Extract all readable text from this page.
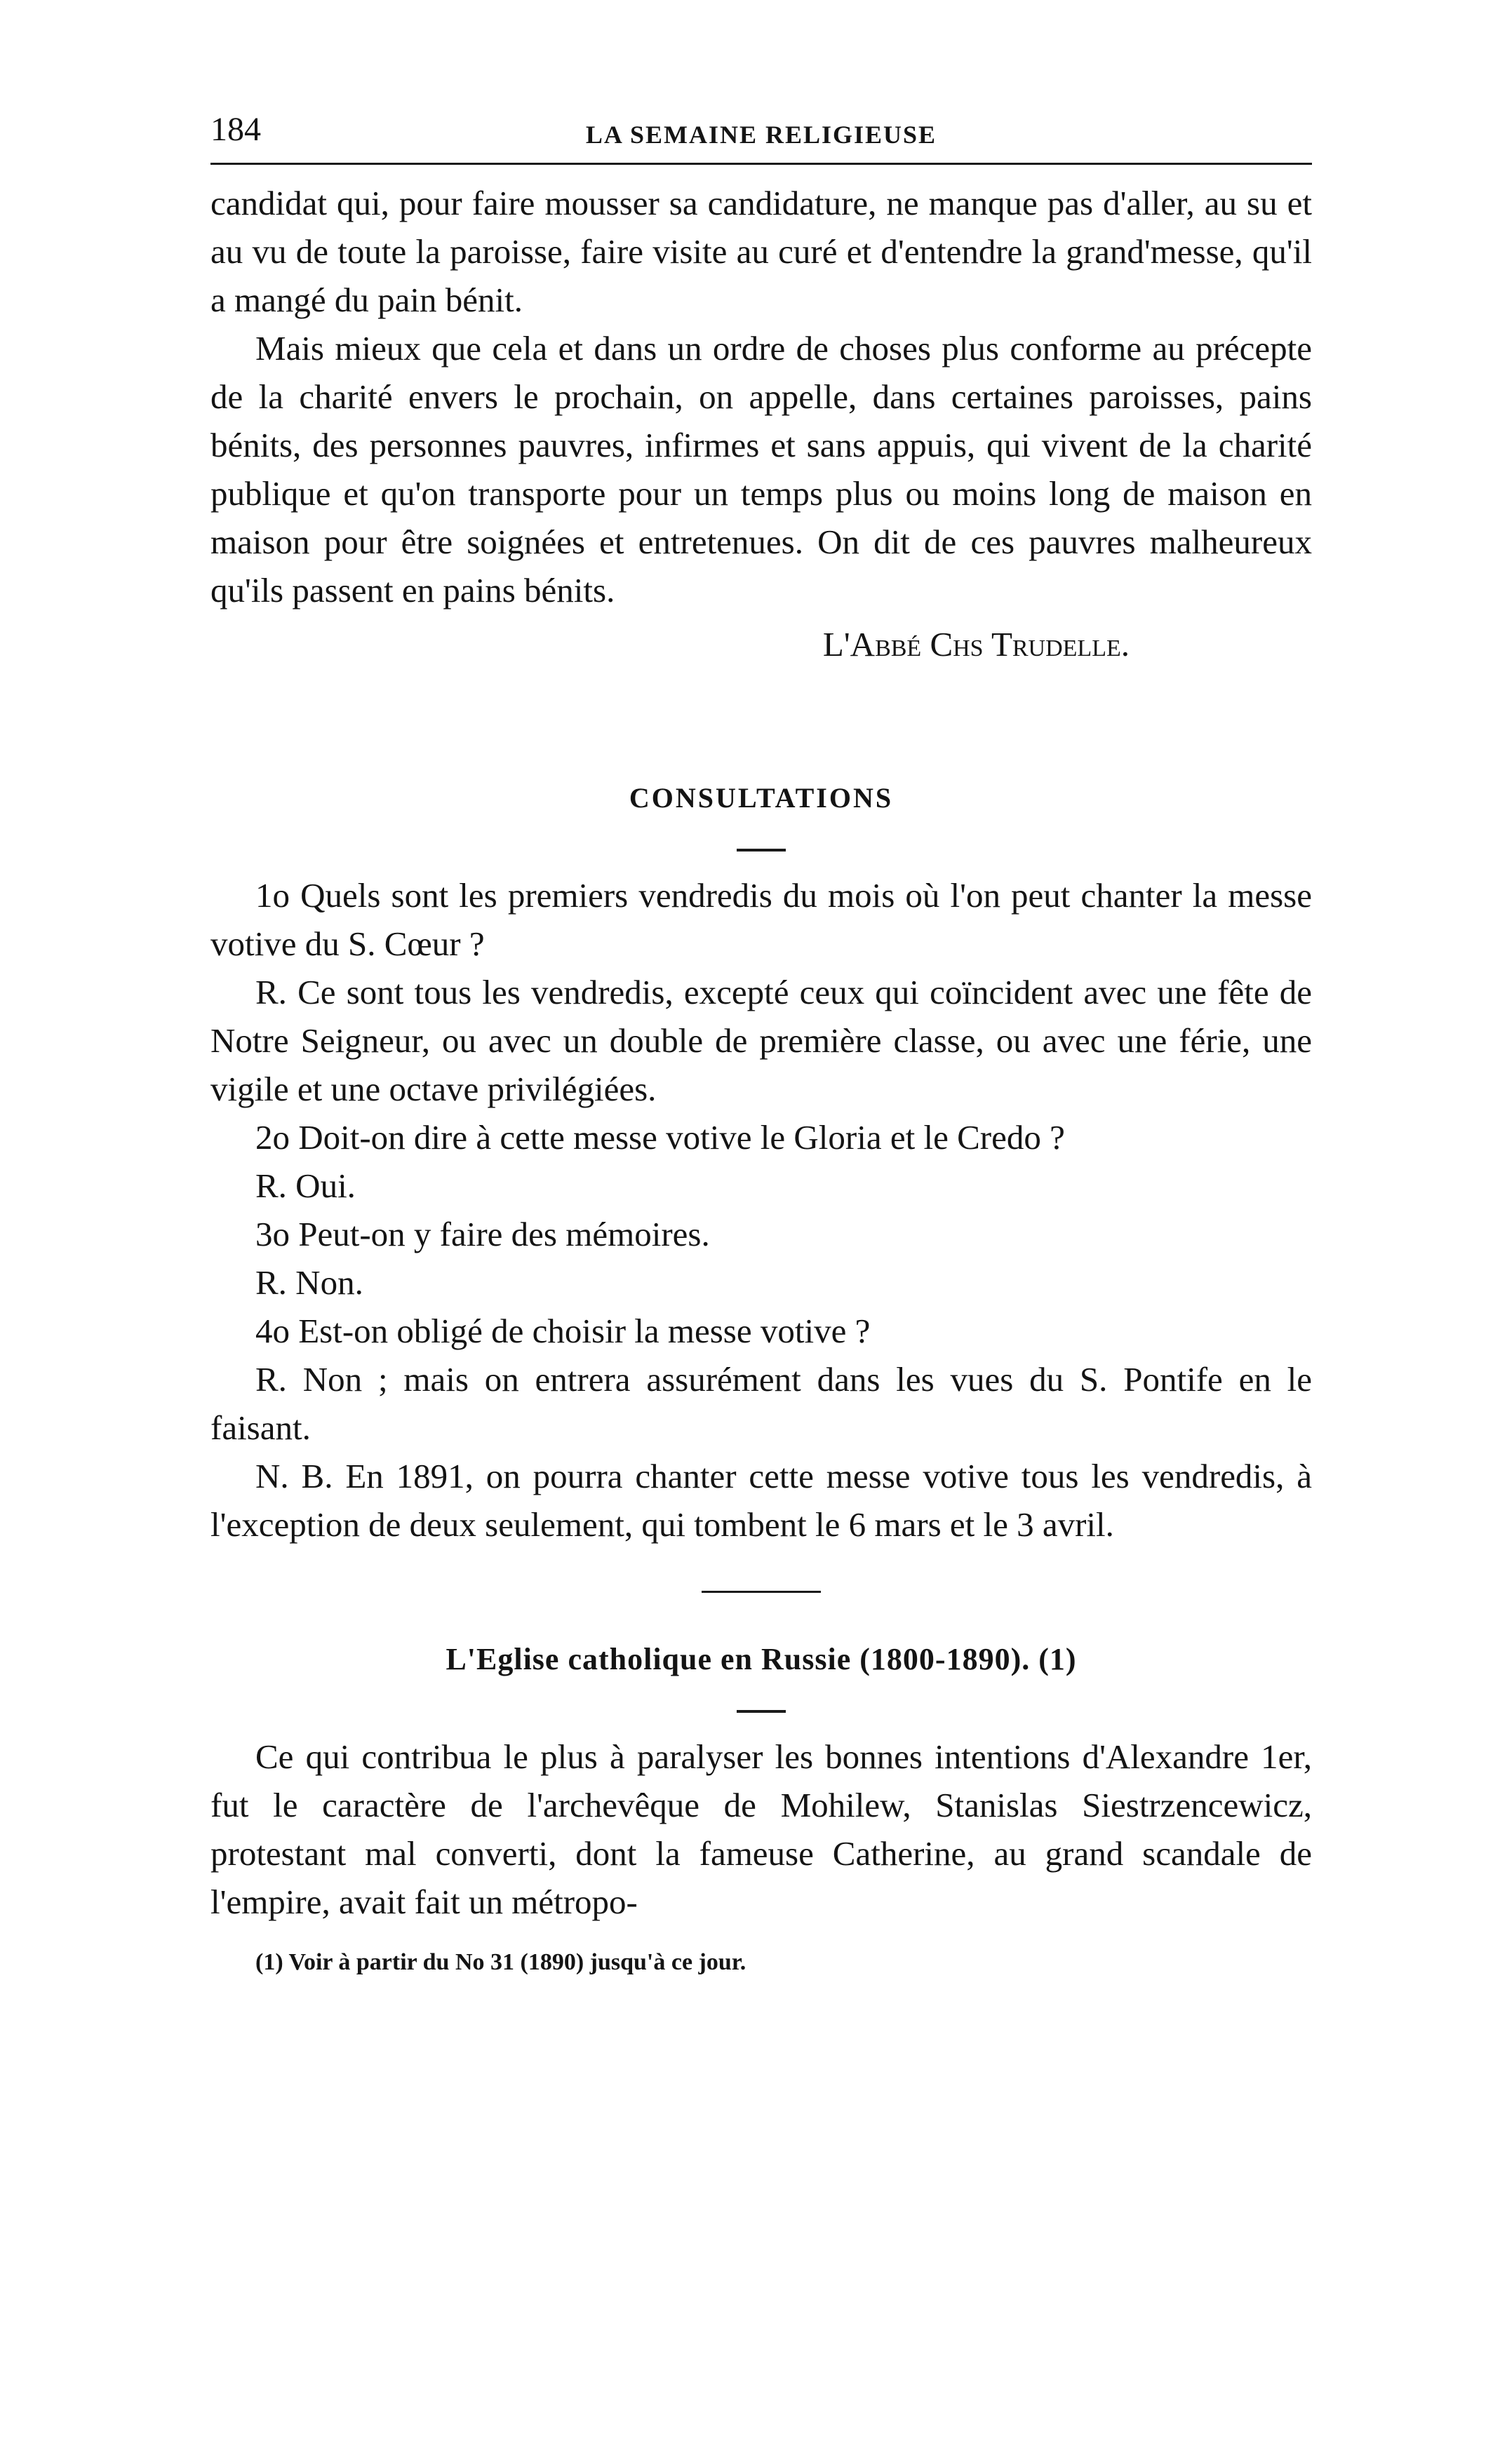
184	LA SEMAINE RELIGIEUSE

candidat qui, pour faire mousser sa candidature, ne manque pas d'aller, au su et au vu de toute la paroisse, faire visite au curé et d'entendre la grand'messe, qu'il a mangé du pain bénit.

Mais mieux que cela et dans un ordre de choses plus conforme au précepte de la charité envers le prochain, on appelle, dans certaines paroisses, pains bénits, des personnes pauvres, infirmes et sans appuis, qui vivent de la charité publique et qu'on transporte pour un temps plus ou moins long de maison en maison pour être soignées et entretenues. On dit de ces pauvres malheureux qu'ils passent en pains bénits.

L'Abbé Chs Trudelle.

CONSULTATIONS

1o Quels sont les premiers vendredis du mois où l'on peut chanter la messe votive du S. Cœur ?

R. Ce sont tous les vendredis, excepté ceux qui coïncident avec une fête de Notre Seigneur, ou avec un double de première classe, ou avec une férie, une vigile et une octave privilégiées.

2o Doit-on dire à cette messe votive le Gloria et le Credo ?

R. Oui.

3o Peut-on y faire des mémoires.

R. Non.

4o Est-on obligé de choisir la messe votive ?

R. Non ; mais on entrera assurément dans les vues du S. Pontife en le faisant.

N. B. En 1891, on pourra chanter cette messe votive tous les vendredis, à l'exception de deux seulement, qui tombent le 6 mars et le 3 avril.

L'Eglise catholique en Russie (1800-1890). (1)

Ce qui contribua le plus à paralyser les bonnes intentions d'Alexandre 1er, fut le caractère de l'archevêque de Mohilew, Stanislas Siestrzencewicz, protestant mal converti, dont la fameuse Catherine, au grand scandale de l'empire, avait fait un métropo-

(1) Voir à partir du No 31 (1890) jusqu'à ce jour.
